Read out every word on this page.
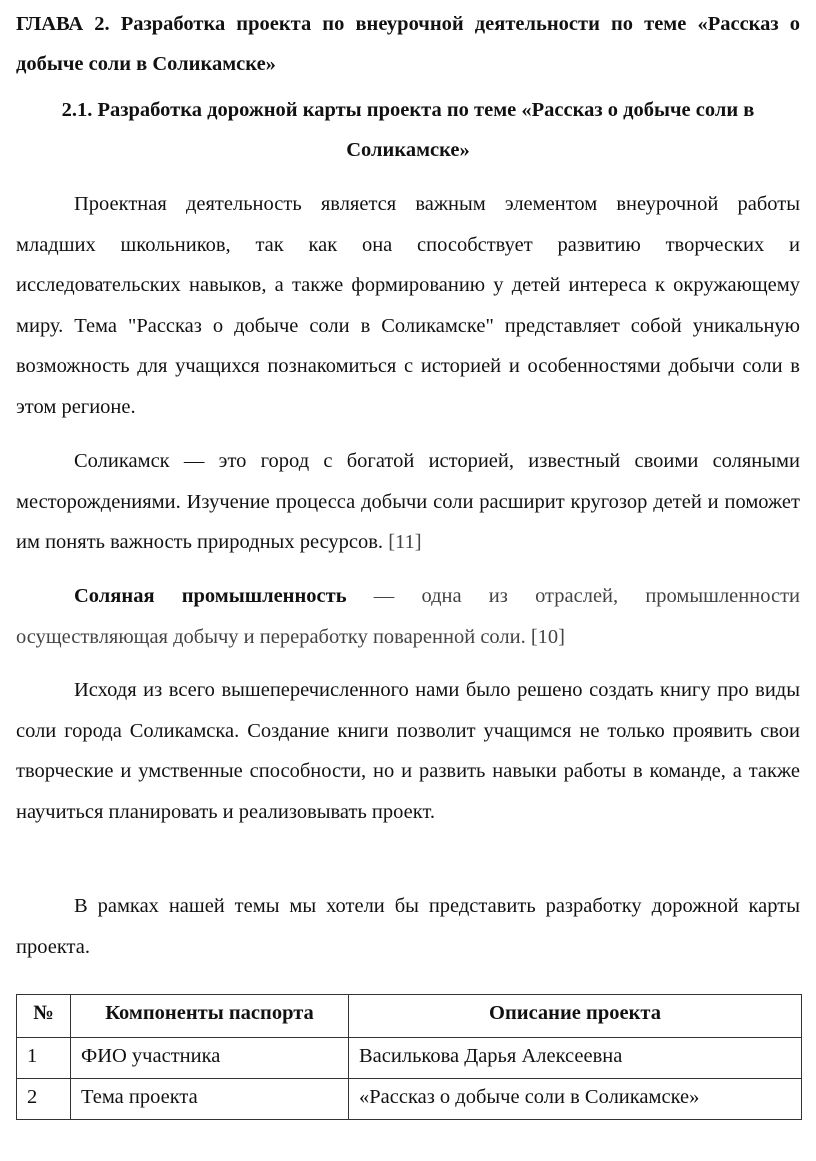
ГЛАВА 2. Разработка проекта по внеурочной деятельности по теме «Рассказ о добыче соли в Соликамске»
2.1. Разработка дорожной карты проекта по теме «Рассказ о добыче соли в Соликамске»

Проектная деятельность является важным элементом внеурочной работы младших школьников, так как она способствует развитию творческих и исследовательских навыков, а также формированию у детей интереса к окружающему миру. Тема "Рассказ о добыче соли в Соликамске" представляет собой уникальную возможность для учащихся познакомиться с историей и особенностями добычи соли в этом регионе.

Соликамск — это город с богатой историей, известный своими соляными месторождениями. Изучение процесса добычи соли расширит кругозор детей и поможет им понять важность природных ресурсов. [11]

Соляная промышленность — одна из отраслей, промышленности осуществляющая добычу и переработку поваренной соли. [10]

Исходя из всего вышеперечисленного нами было решено создать книгу про виды соли города Соликамска. Создание книги позволит учащимся не только проявить свои творческие и умственные способности, но и развить навыки работы в команде, а также научиться планировать и реализовывать проект.

В рамках нашей темы мы хотели бы представить разработку дорожной карты проекта.

№	Компоненты паспорта	Описание проекта
1	ФИО участника	Василькова Дарья Алексеевна
2	Тема проекта	«Рассказ о добыче соли в Соликамске»
